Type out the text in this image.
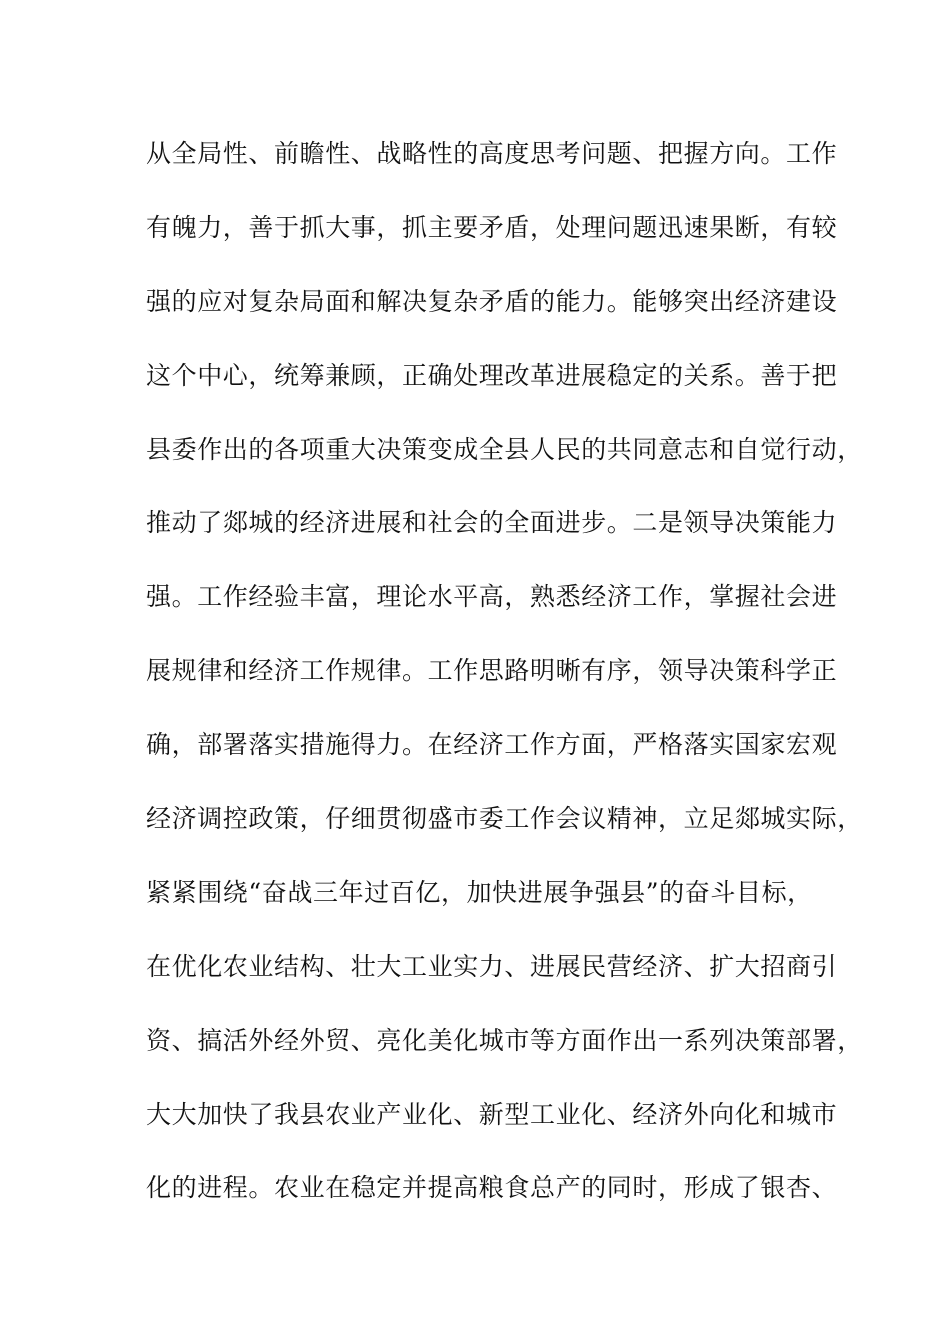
从全局性、前瞻性、战略性的高度思考问题、把握方向。工作
有魄力，善于抓大事，抓主要矛盾，处理问题迅速果断，有较
强的应对复杂局面和解决复杂矛盾的能力。能够突出经济建设
这个中心，统筹兼顾，正确处理改革进展稳定的关系。善于把
县委作出的各项重大决策变成全县人民的共同意志和自觉行动，
推动了郯城的经济进展和社会的全面进步。二是领导决策能力
强。工作经验丰富，理论水平高，熟悉经济工作，掌握社会进
展规律和经济工作规律。工作思路明晰有序，领导决策科学正
确，部署落实措施得力。在经济工作方面，严格落实国家宏观
经济调控政策，仔细贯彻盛市委工作会议精神，立足郯城实际，
紧紧围绕“奋战三年过百亿，加快进展争强县”的奋斗目标，
在优化农业结构、壮大工业实力、进展民营经济、扩大招商引
资、搞活外经外贸、亮化美化城市等方面作出一系列决策部署，
大大加快了我县农业产业化、新型工业化、经济外向化和城市
化的进程。农业在稳定并提高粮食总产的同时，形成了银杏、
